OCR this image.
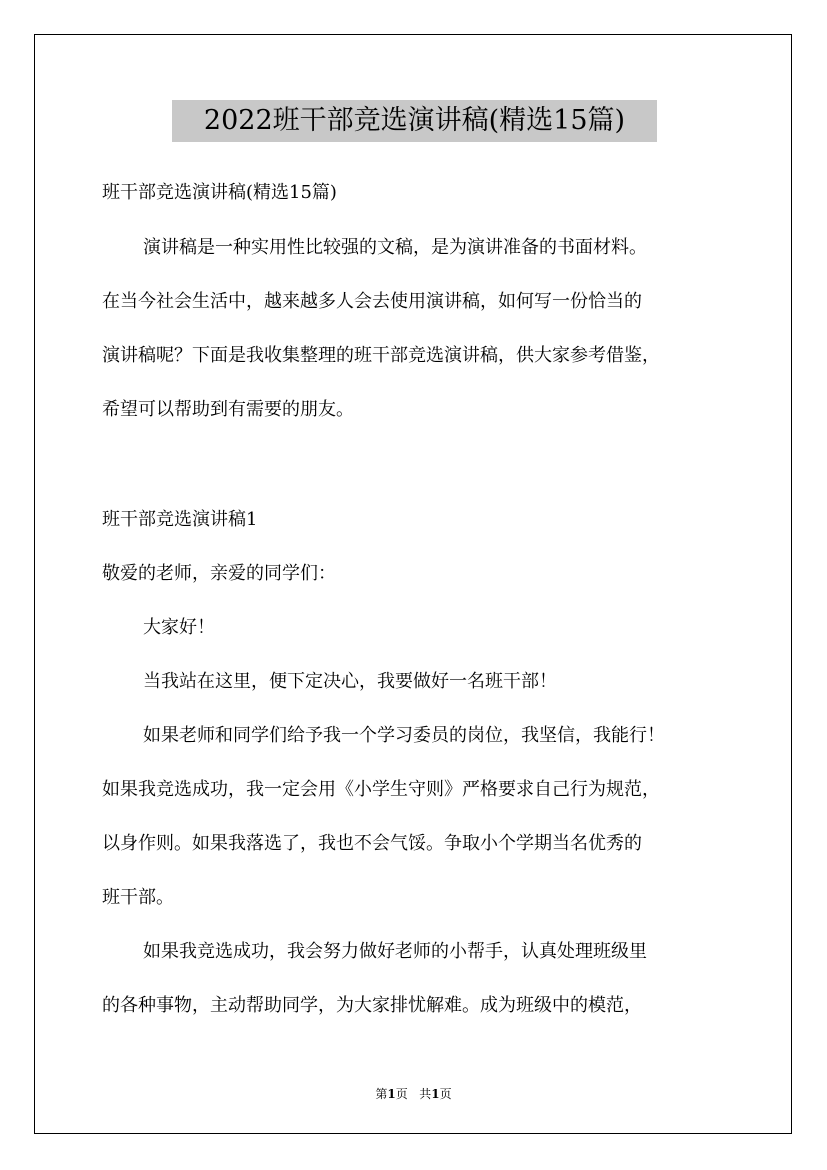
2022班干部竞选演讲稿(精选15篇)
班干部竞选演讲稿(精选15篇)
演讲稿是一种实用性比较强的文稿，是为演讲准备的书面材料。
在当今社会生活中，越来越多人会去使用演讲稿，如何写一份恰当的
演讲稿呢？下面是我收集整理的班干部竞选演讲稿，供大家参考借鉴，
希望可以帮助到有需要的朋友。
班干部竞选演讲稿1
敬爱的老师，亲爱的同学们：
大家好！
当我站在这里，便下定决心，我要做好一名班干部！
如果老师和同学们给予我一个学习委员的岗位，我坚信，我能行！
如果我竞选成功，我一定会用《小学生守则》严格要求自己行为规范，
以身作则。如果我落选了，我也不会气馁。争取小个学期当名优秀的
班干部。
如果我竞选成功，我会努力做好老师的小帮手，认真处理班级里
的各种事物，主动帮助同学，为大家排忧解难。成为班级中的模范，
第1页 共1页
